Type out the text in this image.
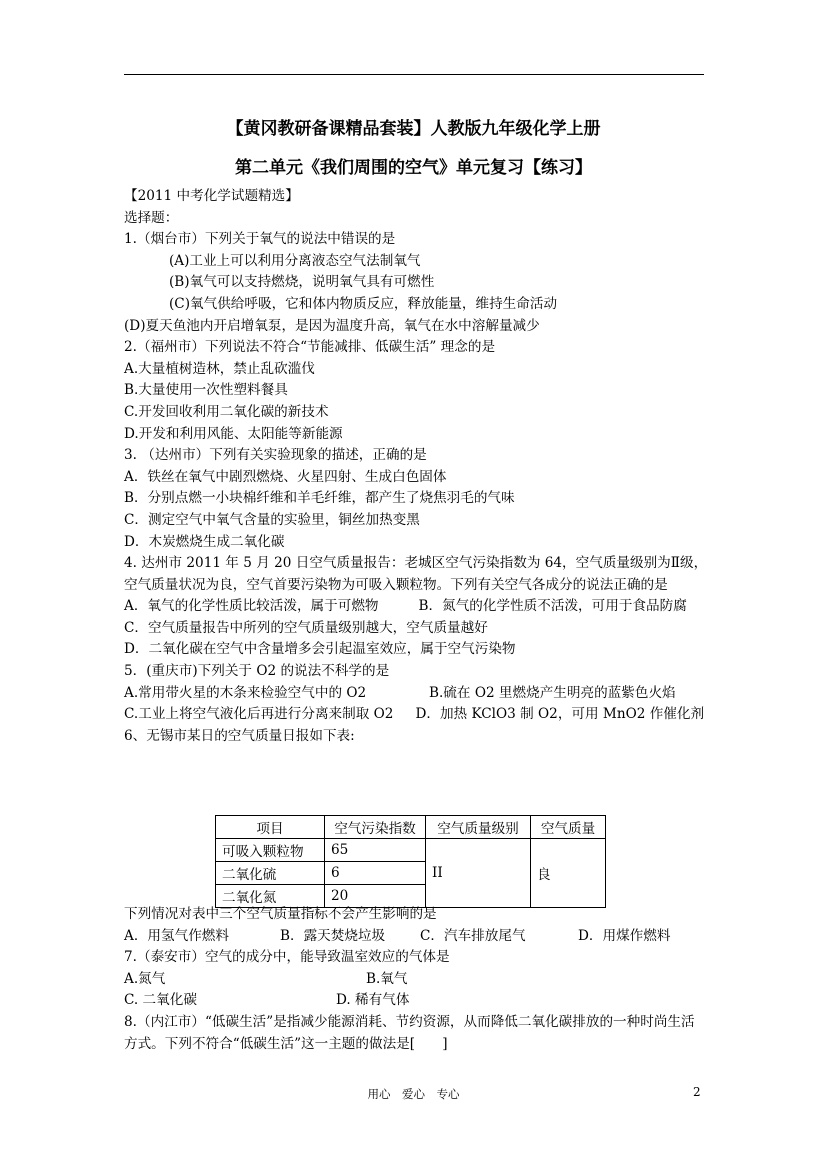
【黄冈教研备课精品套装】人教版九年级化学上册
第二单元《我们周围的空气》单元复习【练习】
【2011 中考化学试题精选】
选择题：
1.（烟台市）下列关于氧气的说法中错误的是
(A)工业上可以利用分离液态空气法制氧气
(B)氧气可以支持燃烧，说明氧气具有可燃性
(C)氧气供给呼吸，它和体内物质反应，释放能量，维持生命活动
(D)夏天鱼池内开启增氧泵，是因为温度升高，氧气在水中溶解量减少
2.（福州市）下列说法不符合“节能减排、低碳生活” 理念的是
A.大量植树造林，禁止乱砍滥伐
B.大量使用一次性塑料餐具
C.开发回收利用二氧化碳的新技术
D.开发和利用风能、太阳能等新能源
3. （达州市）下列有关实验现象的描述，正确的是
A．铁丝在氧气中剧烈燃烧、火星四射、生成白色固体
B．分别点燃一小块棉纤维和羊毛纤维，都产生了烧焦羽毛的气味
C．测定空气中氧气含量的实验里，铜丝加热变黑
D．木炭燃烧生成二氧化碳
4. 达州市 2011 年 5 月 20 日空气质量报告：老城区空气污染指数为 64，空气质量级别为Ⅱ级，空气质量状况为良，空气首要污染物为可吸入颗粒物。下列有关空气各成分的说法正确的是
A．氧气的化学性质比较活泼，属于可燃物	B．氮气的化学性质不活泼，可用于食品防腐
C．空气质量报告中所列的空气质量级别越大，空气质量越好
D．二氧化碳在空气中含量增多会引起温室效应，属于空气污染物
5．(重庆市)下列关于 O2 的说法不科学的是
A.常用带火星的木条来检验空气中的 O2	B.硫在 O2 里燃烧产生明亮的蓝紫色火焰
C.工业上将空气液化后再进行分离来制取 O2 D．加热 KClO3 制 O2，可用 MnO2 作催化剂
6、无锡市某日的空气质量日报如下表:
项目	空气污染指数	空气质量级别	空气质量
可吸入颗粒物	65	II	良
二氧化硫	6		
二氧化氮	20		
下列情况对表中三个空气质量指标不会产生影响的是
A．用氢气作燃料	B．露天焚烧垃圾	C．汽车排放尾气	D．用煤作燃料
7.（泰安市）空气的成分中，能导致温室效应的气体是
A.氮气	B.氧气
C. 二氧化碳	D. 稀有气体
8.（内江市）“低碳生活”是指减少能源消耗、节约资源，从而降低二氧化碳排放的一种时尚生活方式。下列不符合“低碳生活”这一主题的做法是[　　]
用心　爱心　专心	2
